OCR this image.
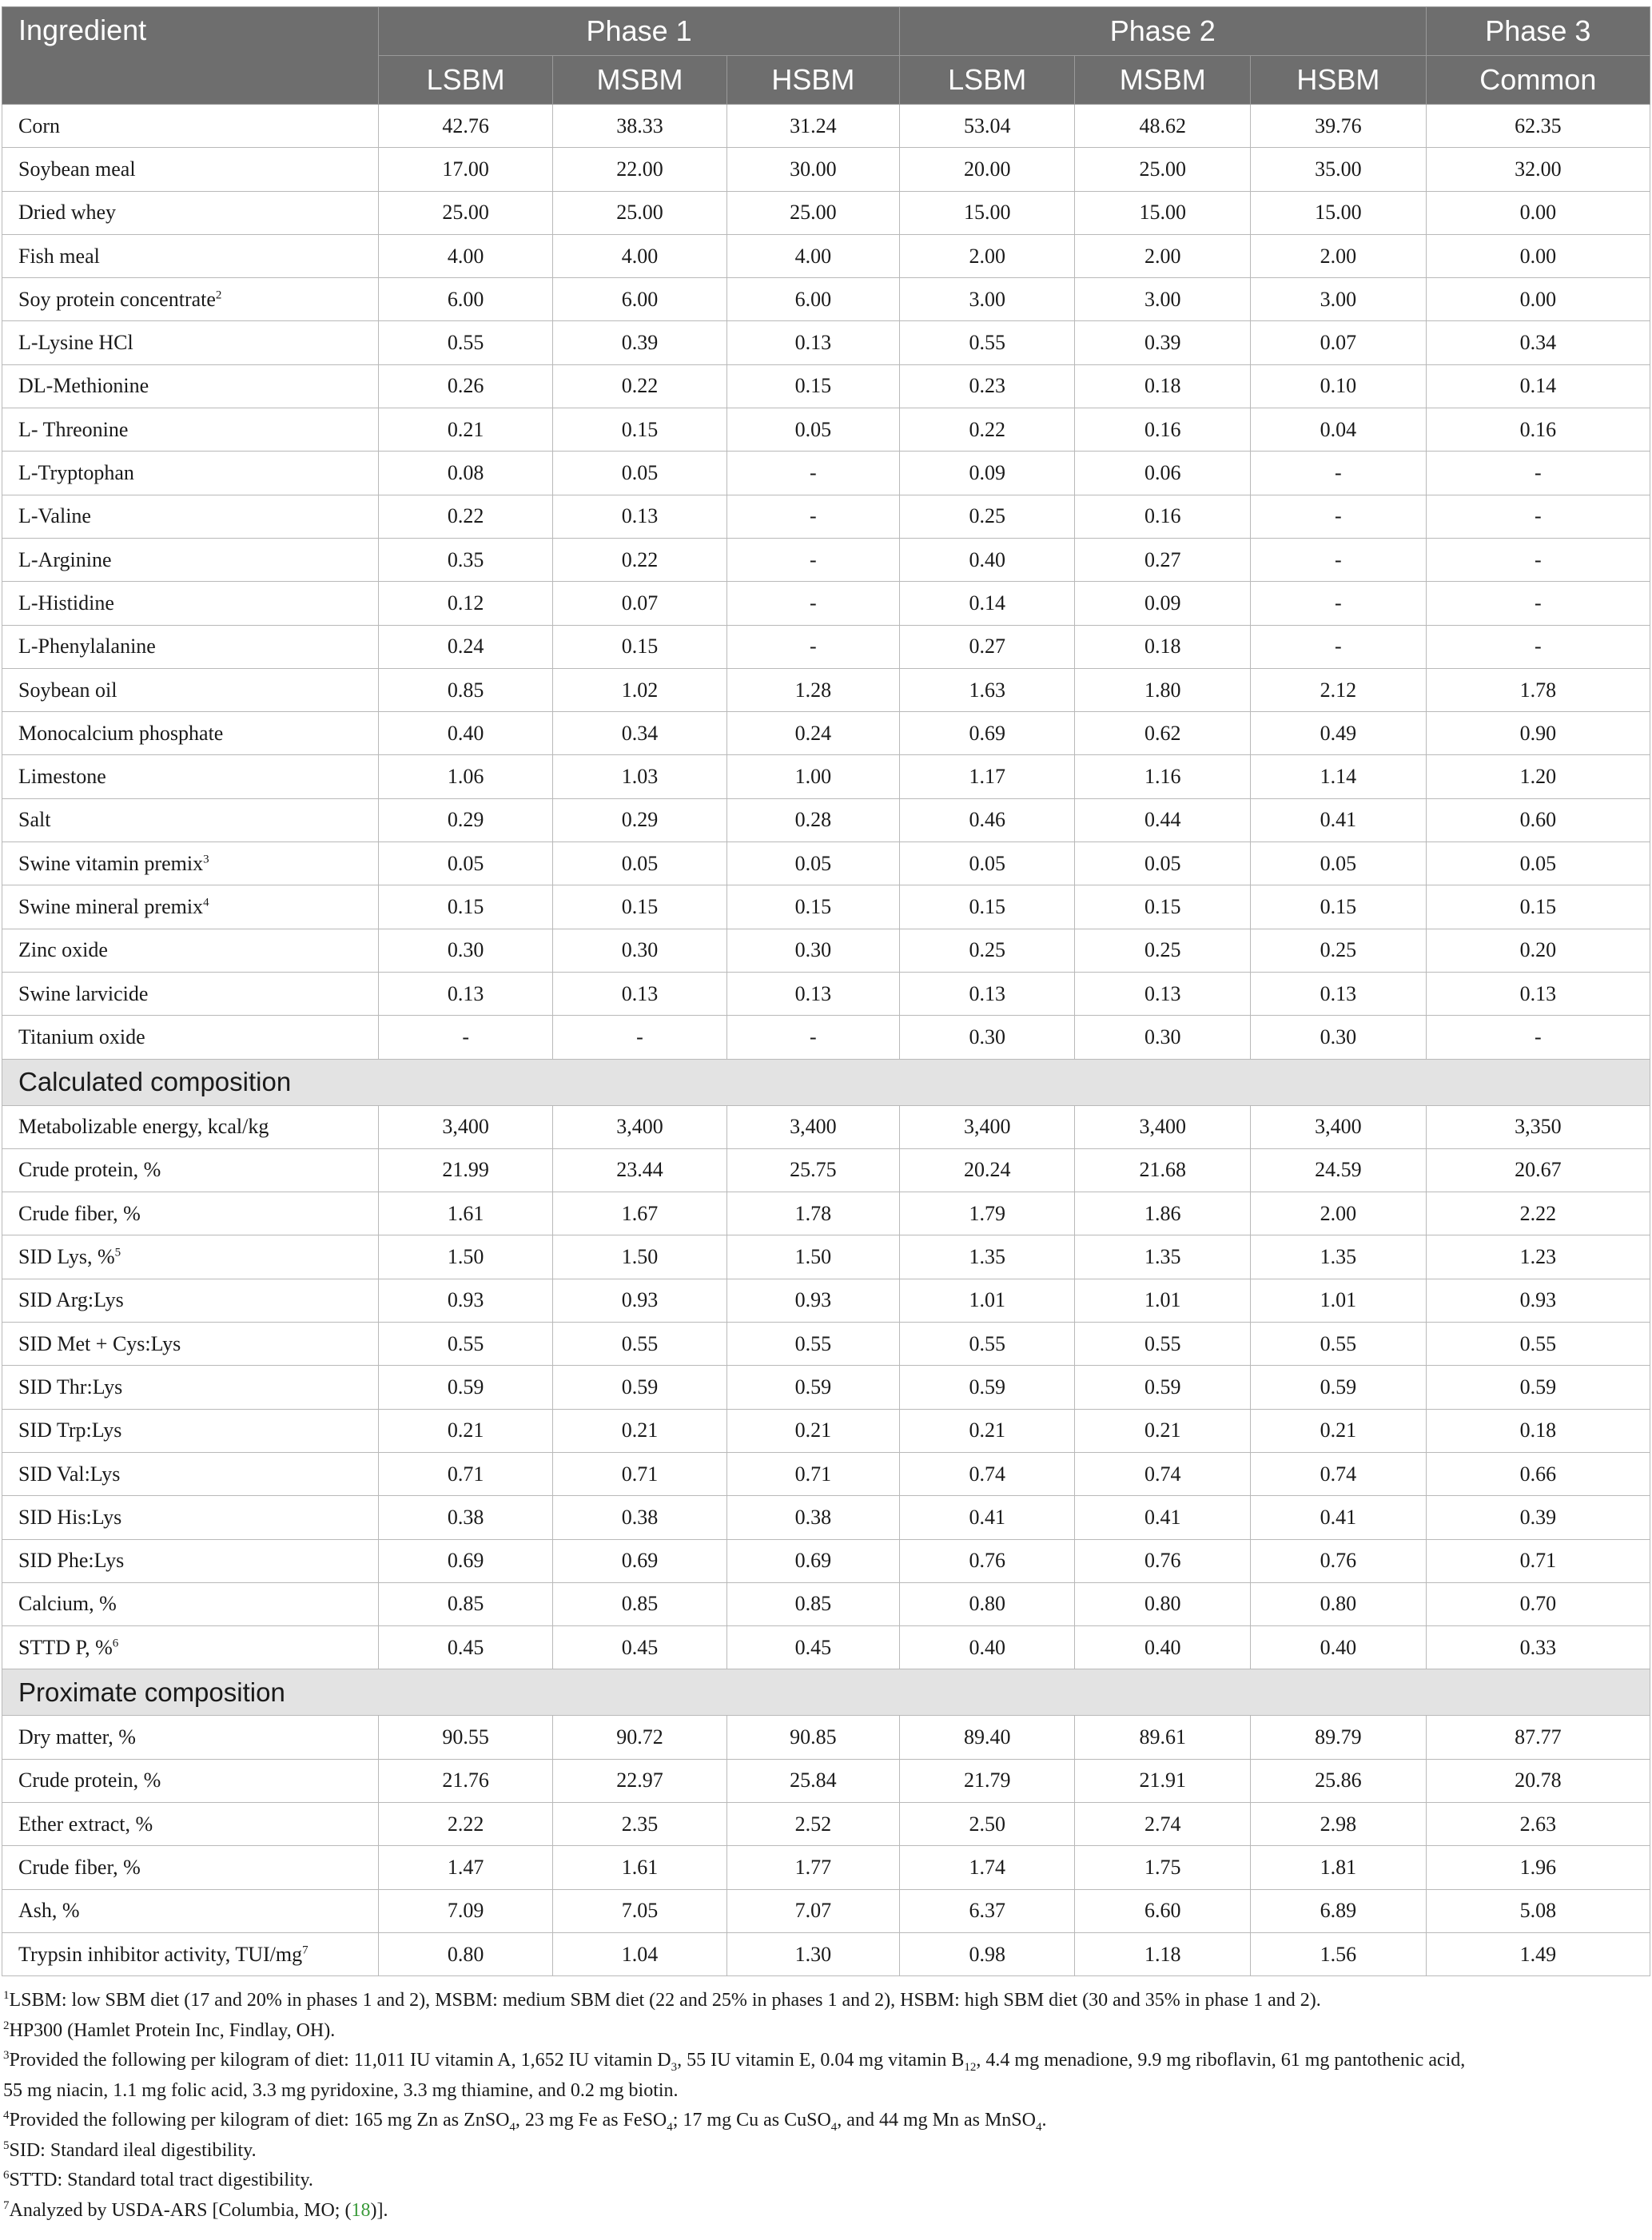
Ingredient	Phase 1			Phase 2			Phase 3
	LSBM	MSBM	HSBM	LSBM	MSBM	HSBM	Common
Corn	42.76	38.33	31.24	53.04	48.62	39.76	62.35
Soybean meal	17.00	22.00	30.00	20.00	25.00	35.00	32.00
Dried whey	25.00	25.00	25.00	15.00	15.00	15.00	0.00
Fish meal	4.00	4.00	4.00	2.00	2.00	2.00	0.00
Soy protein concentrate$^2$	6.00	6.00	6.00	3.00	3.00	3.00	0.00
L-Lysine HCl	0.55	0.39	0.13	0.55	0.39	0.07	0.34
DL-Methionine	0.26	0.22	0.15	0.23	0.18	0.10	0.14
L- Threonine	0.21	0.15	0.05	0.22	0.16	0.04	0.16
L-Tryptophan	0.08	0.05	-	0.09	0.06	-	-
L-Valine	0.22	0.13	-	0.25	0.16	-	-
L-Arginine	0.35	0.22	-	0.40	0.27	-	-
L-Histidine	0.12	0.07	-	0.14	0.09	-	-
L-Phenylalanine	0.24	0.15	-	0.27	0.18	-	-
Soybean oil	0.85	1.02	1.28	1.63	1.80	2.12	1.78
Monocalcium phosphate	0.40	0.34	0.24	0.69	0.62	0.49	0.90
Limestone	1.06	1.03	1.00	1.17	1.16	1.14	1.20
Salt	0.29	0.29	0.28	0.46	0.44	0.41	0.60
Swine vitamin premix$^3$	0.05	0.05	0.05	0.05	0.05	0.05	0.05
Swine mineral premix$^4$	0.15	0.15	0.15	0.15	0.15	0.15	0.15
Zinc oxide	0.30	0.30	0.30	0.25	0.25	0.25	0.20
Swine larvicide	0.13	0.13	0.13	0.13	0.13	0.13	0.13
Titanium oxide	-	-	-	0.30	0.30	0.30	-
Calculated composition							
Metabolizable energy, kcal/kg	3,400	3,400	3,400	3,400	3,400	3,400	3,350
Crude protein, %	21.99	23.44	25.75	20.24	21.68	24.59	20.67
Crude fiber, %	1.61	1.67	1.78	1.79	1.86	2.00	2.22
SID Lys, %$^5$	1.50	1.50	1.50	1.35	1.35	1.35	1.23
SID Arg:Lys	0.93	0.93	0.93	1.01	1.01	1.01	0.93
SID Met + Cys:Lys	0.55	0.55	0.55	0.55	0.55	0.55	0.55
SID Thr:Lys	0.59	0.59	0.59	0.59	0.59	0.59	0.59
SID Trp:Lys	0.21	0.21	0.21	0.21	0.21	0.21	0.18
SID Val:Lys	0.71	0.71	0.71	0.74	0.74	0.74	0.66
SID His:Lys	0.38	0.38	0.38	0.41	0.41	0.41	0.39
SID Phe:Lys	0.69	0.69	0.69	0.76	0.76	0.76	0.71
Calcium, %	0.85	0.85	0.85	0.80	0.80	0.80	0.70
STTD P, %$^6$	0.45	0.45	0.45	0.40	0.40	0.40	0.33
Proximate composition							
Dry matter, %	90.55	90.72	90.85	89.40	89.61	89.79	87.77
Crude protein, %	21.76	22.97	25.84	21.79	21.91	25.86	20.78
Ether extract, %	2.22	2.35	2.52	2.50	2.74	2.98	2.63
Crude fiber, %	1.47	1.61	1.77	1.74	1.75	1.81	1.96
Ash, %	7.09	7.05	7.07	6.37	6.60	6.89	5.08
Trypsin inhibitor activity, TUI/$mg^7$	0.80	1.04	1.30	0.98	1.18	1.56	1.49
$^1$LSBM: low SBM diet (17 and 20% in phases 1 and 2), MSBM: medium SBM diet (22 and 25% in phases 1 and 2), HSBM: high SBM diet (30 and 35% in phase 1 and 2).
$^2$HP300 (Hamlet Protein Inc, Findlay, OH).
$^3$Provided the following per kilogram of diet: 11,011 IU vitamin A, 1,652 IU vitamin $D_3$, 55 IU vitamin E, 0.04 mg vitamin $B_{12}$, 4.4 mg menadione, 9.9 mg riboflavin, 61 mg pantothenic acid,
55 mg niacin, 1.1 mg folic acid, 3.3 mg pyridoxine, 3.3 mg thiamine, and 0.2 mg biotin.
$^4$Provided the following per kilogram of diet: 165 mg Zn as ZnSO$_4$, 23 mg Fe as FeSO$_4$; 17 mg Cu as CuSO$_4$, and 44 mg Mn as MnSO$_4$.
$^5$SID: Standard ileal digestibility.
$^6$STTD: Standard total tract digestibility.
$^7$Analyzed by USDA-ARS [Columbia, MO; (18)].
